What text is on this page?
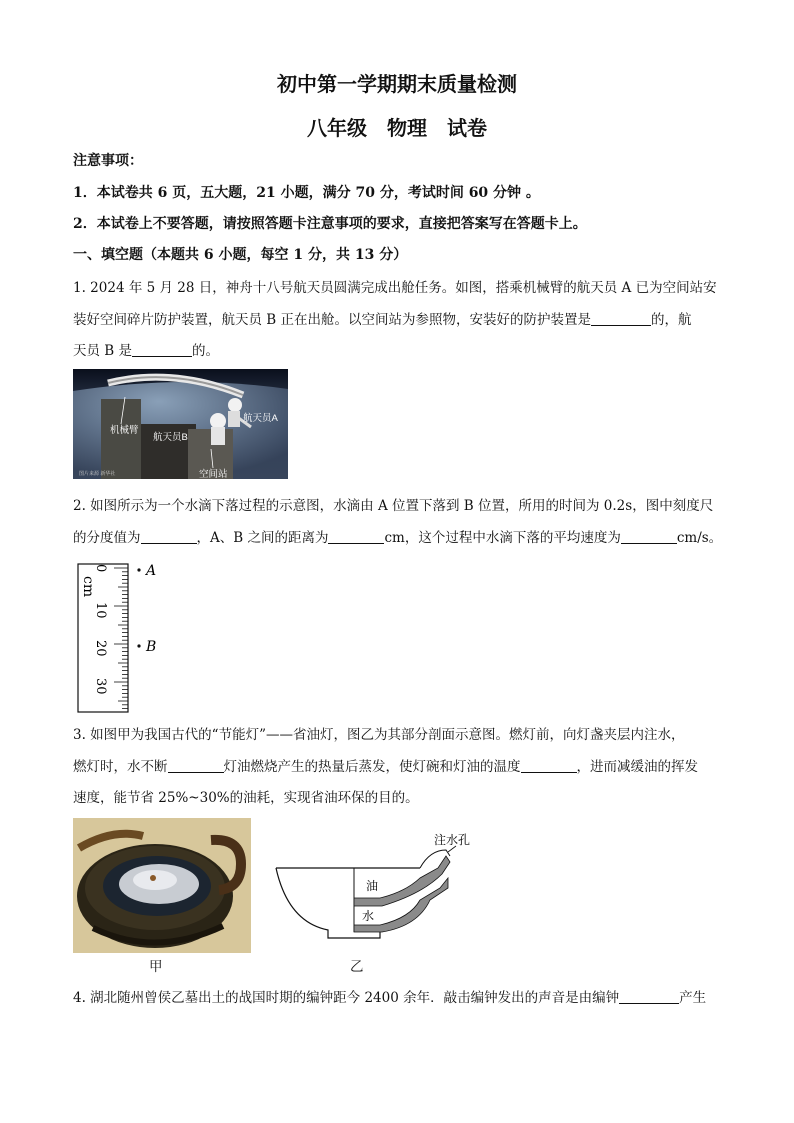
初中第一学期期末质量检测
八年级　物理　试卷
注意事项：
1．本试卷共 6 页，五大题，21 小题，满分 70 分，考试时间 60 分钟 。
2．本试卷上不要答题，请按照答题卡注意事项的要求，直接把答案写在答题卡上。
一、填空题（本题共 6 小题，每空 1 分，共 13 分）
1. 2024 年 5 月 28 日，神舟十八号航天员圆满完成出舱任务。如图，搭乘机械臂的航天员 A 已为空间站安
装好空间碎片防护装置，航天员 B 正在出舱。以空间站为参照物，安装好的防护装置是	的，航
天员 B 是	的。
图片来源 新华社
机械臂
航天员A
航天员B
空间站
2. 如图所示为一个水滴下落过程的示意图，水滴由 A 位置下落到 B 位置，所用的时间为 0.2s，图中刻度尺
的分度值为	，A、B 之间的距离为	cm，这个过程中水滴下落的平均速度为	cm/s。
cm
0
10
20
30
A
B
3. 如图甲为我国古代的“节能灯”——省油灯，图乙为其部分剖面示意图。燃灯前，向灯盏夹层内注水，
燃灯时，水不断	灯油燃烧产生的热量后蒸发，使灯碗和灯油的温度	，进而减缓油的挥发
速度，能节省 25%~30%的油耗，实现省油环保的目的。
甲
注水孔
油
水
乙
4. 湖北随州曾侯乙墓出土的战国时期的编钟距今 2400 余年．敲击编钟发出的声音是由编钟	产生
